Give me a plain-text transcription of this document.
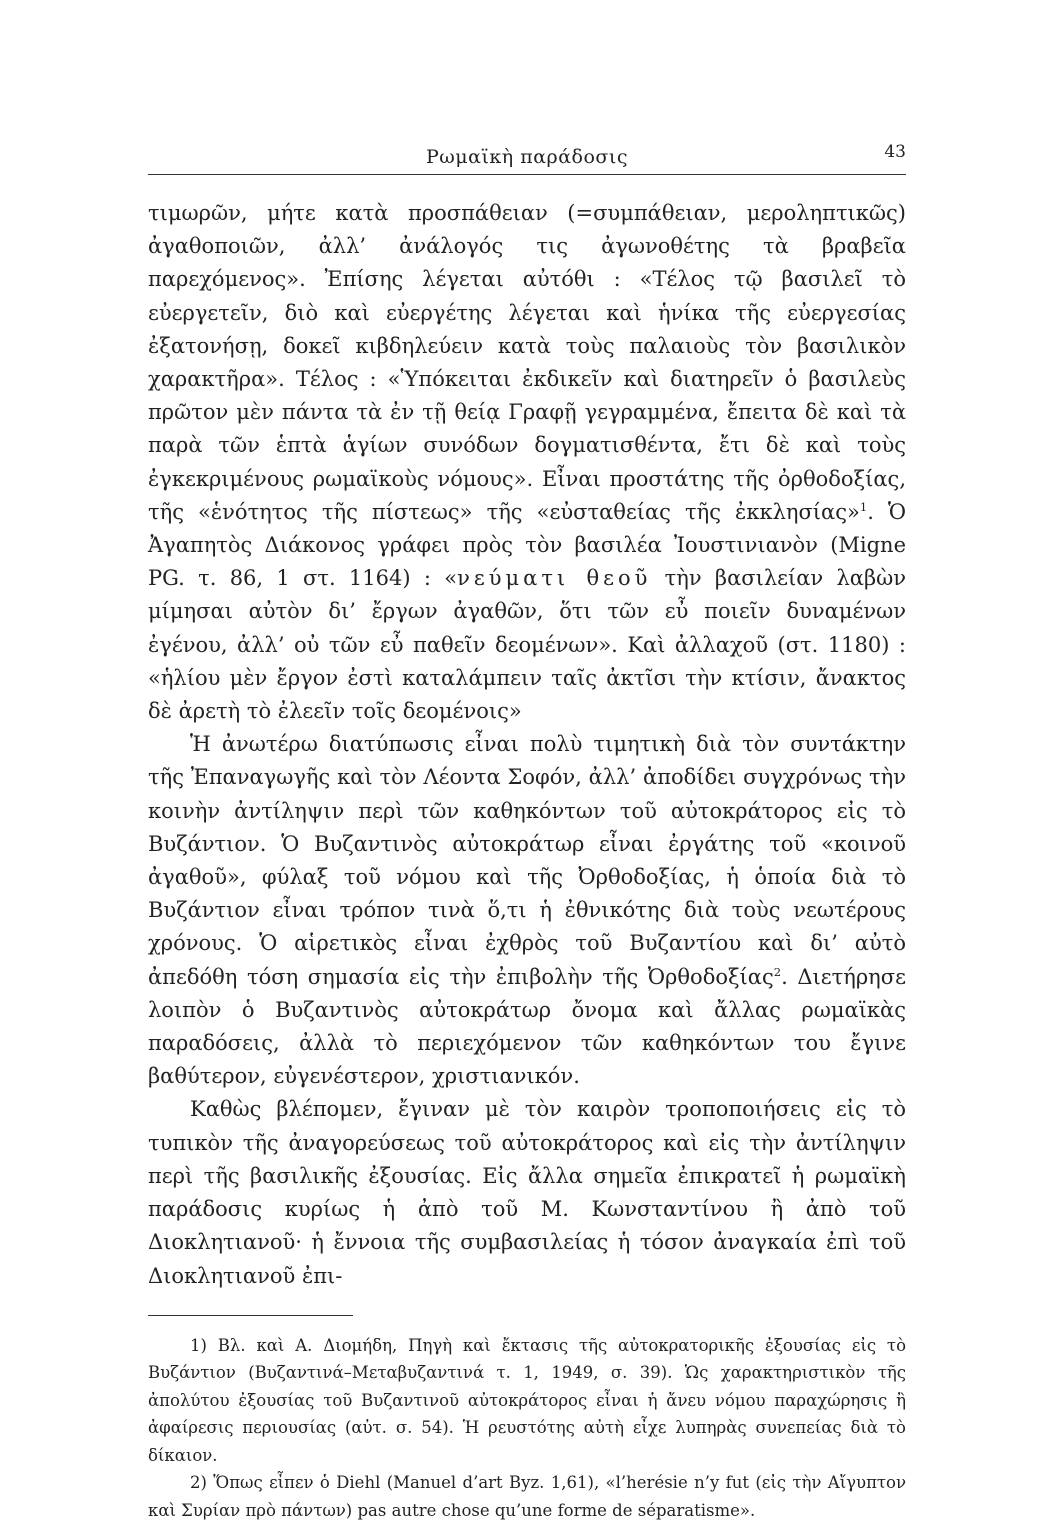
Ρωμαϊκὴ παράδοσις	43

τιμωρῶν, μήτε κατὰ προσπάθειαν (=συμπάθειαν, μεροληπτικῶς) ἀγαθοποιῶν, ἀλλ’ ἀνάλογός τις ἀγωνοθέτης τὰ βραβεῖα παρεχόμενος». Ἐπίσης λέγεται αὐτόθι : «Τέλος τῷ βασιλεῖ τὸ εὐεργετεῖν, διὸ καὶ εὐεργέτης λέγεται καὶ ἡνίκα τῆς εὐεργεσίας ἐξατονήσῃ, δοκεῖ κιβδηλεύειν κατὰ τοὺς παλαιοὺς τὸν βασιλικὸν χαρακτῆρα». Τέλος : «Ὑπόκειται ἐκδικεῖν καὶ διατηρεῖν ὁ βασιλεὺς πρῶτον μὲν πάντα τὰ ἐν τῇ θείᾳ Γραφῇ γεγραμμένα, ἔπειτα δὲ καὶ τὰ παρὰ τῶν ἑπτὰ ἁγίων συνόδων δογματισθέντα, ἔτι δὲ καὶ τοὺς ἐγκεκριμένους ρωμαϊκοὺς νόμους». Εἶναι προστάτης τῆς ὀρθοδοξίας, τῆς «ἑνότητος τῆς πίστεως» τῆς «εὐσταθείας τῆς ἐκκλησίας»$^1$. Ὁ Ἀγαπητὸς Διάκονος γράφει πρὸς τὸν βασιλέα Ἰουστινιανὸν (Migne PG. τ. 86, 1 στ. 1164) : «νεύματι θεοῦ τὴν βασιλείαν λαβὼν μίμησαι αὐτὸν δι’ ἔργων ἀγαθῶν, ὅτι τῶν εὖ ποιεῖν δυναμένων ἐγένου, ἀλλ’ οὐ τῶν εὖ παθεῖν δεομένων». Καὶ ἀλλαχοῦ (στ. 1180) : «ἡλίου μὲν ἔργον ἐστὶ καταλάμπειν ταῖς ἀκτῖσι τὴν κτίσιν, ἄνακτος δὲ ἀρετὴ τὸ ἐλεεῖν τοῖς δεομένοις»

Ἡ ἀνωτέρω διατύπωσις εἶναι πολὺ τιμητικὴ διὰ τὸν συντάκτην τῆς Ἐπαναγωγῆς καὶ τὸν Λέοντα Σοφόν, ἀλλ’ ἀποδίδει συγχρόνως τὴν κοινὴν ἀντίληψιν περὶ τῶν καθηκόντων τοῦ αὐτοκράτορος εἰς τὸ Βυζάντιον. Ὁ Βυζαντινὸς αὐτοκράτωρ εἶναι ἐργάτης τοῦ «κοινοῦ ἀγαθοῦ», φύλαξ τοῦ νόμου καὶ τῆς Ὀρθοδοξίας, ἡ ὁποία διὰ τὸ Βυζάντιον εἶναι τρόπον τινὰ ὅ,τι ἡ ἐθνικότης διὰ τοὺς νεωτέρους χρόνους. Ὁ αἱρετικὸς εἶναι ἐχθρὸς τοῦ Βυζαντίου καὶ δι’ αὐτὸ ἀπεδόθη τόση σημασία εἰς τὴν ἐπιβολὴν τῆς Ὀρθοδοξίας$^2$. Διετήρησε λοιπὸν ὁ Βυζαντινὸς αὐτοκράτωρ ὄνομα καὶ ἄλλας ρωμαϊκὰς παραδόσεις, ἀλλὰ τὸ περιεχόμενον τῶν καθηκόντων του ἔγινε βαθύτερον, εὐγενέστερον, χριστιανικόν.

Καθὼς βλέπομεν, ἔγιναν μὲ τὸν καιρὸν τροποποιήσεις εἰς τὸ τυπικὸν τῆς ἀναγορεύσεως τοῦ αὐτοκράτορος καὶ εἰς τὴν ἀντίληψιν περὶ τῆς βασιλικῆς ἐξουσίας. Εἰς ἄλλα σημεῖα ἐπικρατεῖ ἡ ρωμαϊκὴ παράδοσις κυρίως ἡ ἀπὸ τοῦ Μ. Κωνσταντίνου ἢ ἀπὸ τοῦ Διοκλητιανοῦ· ἡ ἔννοια τῆς συμβασιλείας ἡ τόσον ἀναγκαία ἐπὶ τοῦ Διοκλητιανοῦ ἐπι-

1) Βλ. καὶ Α. Διομήδη, Πηγὴ καὶ ἔκτασις τῆς αὐτοκρατορικῆς ἐξουσίας εἰς τὸ Βυζάντιον (Βυζαντινά–Μεταβυζαντινά τ. 1, 1949, σ. 39). Ὡς χαρακτηριστικὸν τῆς ἀπολύτου ἐξουσίας τοῦ Βυζαντινοῦ αὐτοκράτορος εἶναι ἡ ἄνευ νόμου παραχώρησις ἢ ἀφαίρεσις περιουσίας (αὐτ. σ. 54). Ἡ ρευστότης αὐτὴ εἶχε λυπηρὰς συνεπείας διὰ τὸ δίκαιον.

2) Ὅπως εἶπεν ὁ Diehl (Manuel d’art Byz. 1,61), «l’herésie n’y fut (εἰς τὴν Αἴγυπτον καὶ Συρίαν πρὸ πάντων) pas autre chose qu’une forme de séparatisme».
